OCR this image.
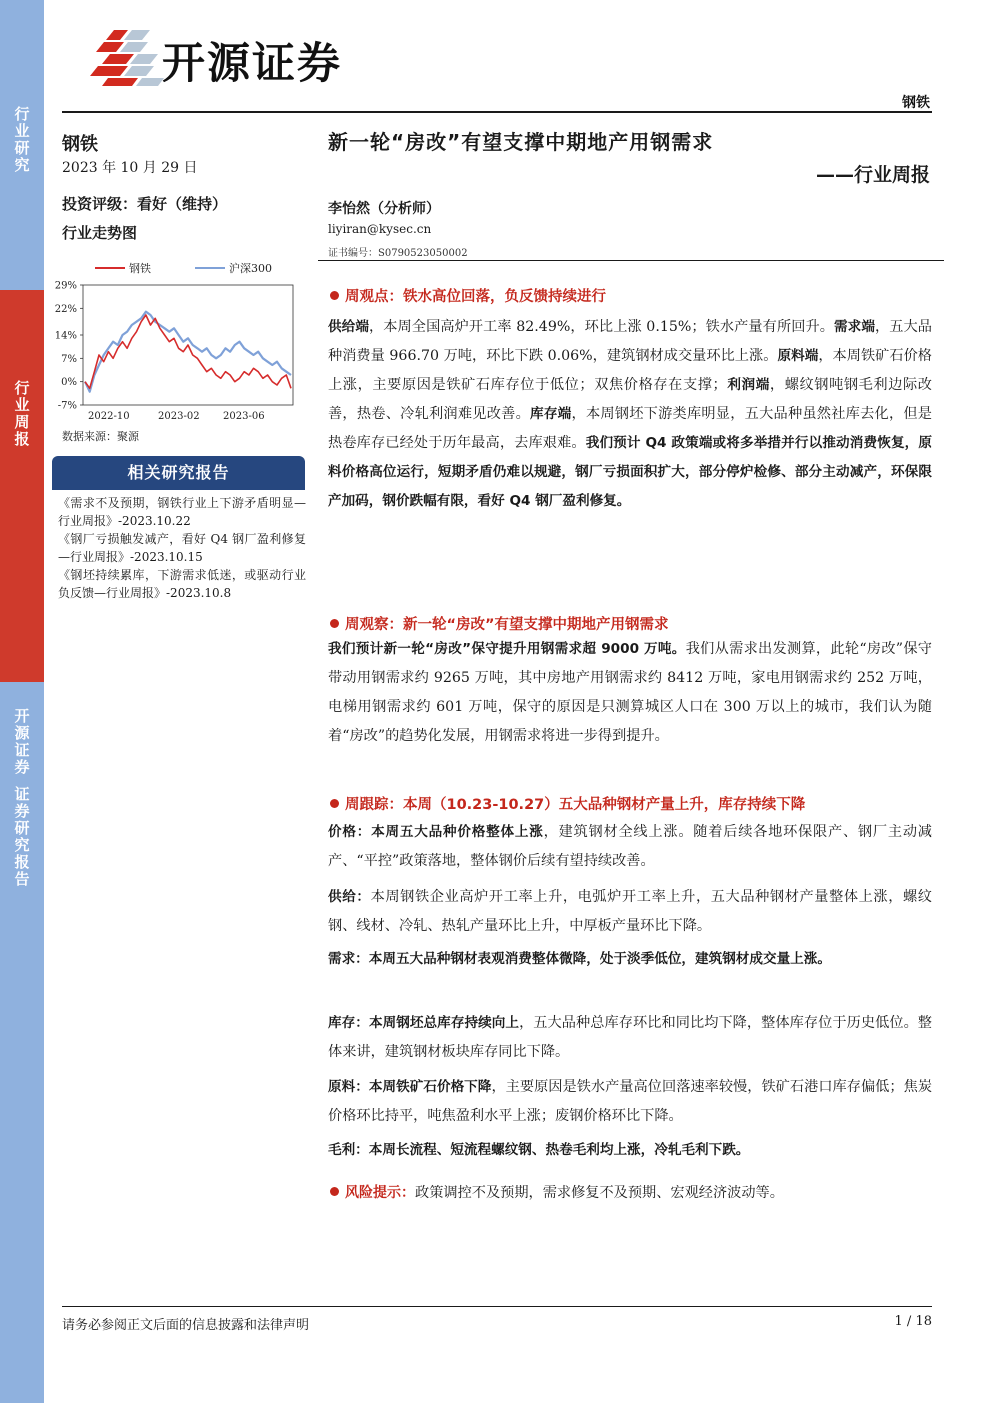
行
业
研
究
行
业
周
报
开
源
证
券
证
券
研
究
报
告
开源证券
钢铁
钢铁
2023 年 10 月 29 日
投资评级：看好（维持）
行业走势图
钢铁	沪深300
29%
22%
14%
7%
0%
-7%
2022-10	2023-02 2023-06
数据来源：聚源
相关研究报告
《需求不及预期，钢铁行业上下游矛盾明显—行业周报》-2023.10.22
《钢厂亏损触发减产，看好 Q4 钢厂盈利修复—行业周报》-2023.10.15
《钢坯持续累库，下游需求低迷，或驱动行业负反馈—行业周报》-2023.10.8
新一轮“房改”有望支撑中期地产用钢需求
——行业周报
李怡然（分析师）
liyiran@kysec.cn
证书编号：S0790523050002
周观点：铁水高位回落，负反馈持续进行
供给端，本周全国高炉开工率 82.49%，环比上涨 0.15%；铁水产量有所回升。需求端，五大品种消费量 966.70 万吨，环比下跌 0.06%，建筑钢材成交量环比上涨。原料端，本周铁矿石价格上涨，主要原因是铁矿石库存位于低位；双焦价格存在支撑；利润端，螺纹钢吨钢毛利边际改善，热卷、冷轧利润难见改善。库存端，本周钢坯下游类库明显，五大品种虽然社库去化，但是热卷库存已经处于历年最高，去库艰难。我们预计 Q4 政策端或将多举措并行以推动消费恢复，原料价格高位运行，短期矛盾仍难以规避，钢厂亏损面积扩大，部分停炉检修、部分主动减产，环保限产加码，钢价跌幅有限，看好 Q4 钢厂盈利修复。
周观察：新一轮“房改”有望支撑中期地产用钢需求
我们预计新一轮“房改”保守提升用钢需求超 9000 万吨。我们从需求出发测算，此轮“房改”保守带动用钢需求约 9265 万吨，其中房地产用钢需求约 8412 万吨，家电用钢需求约 252 万吨，电梯用钢需求约 601 万吨，保守的原因是只测算城区人口在 300 万以上的城市，我们认为随着“房改”的趋势化发展，用钢需求将进一步得到提升。
周跟踪：本周（10.23-10.27）五大品种钢材产量上升，库存持续下降
价格：本周五大品种价格整体上涨，建筑钢材全线上涨。随着后续各地环保限产、钢厂主动减产、“平控”政策落地，整体钢价后续有望持续改善。
供给：本周钢铁企业高炉开工率上升，电弧炉开工率上升，五大品种钢材产量整体上涨，螺纹钢、线材、冷轧、热轧产量环比上升，中厚板产量环比下降。
需求：本周五大品种钢材表观消费整体微降，处于淡季低位，建筑钢材成交量上涨。
库存：本周钢坯总库存持续向上，五大品种总库存环比和同比均下降，整体库存位于历史低位。整体来讲，建筑钢材板块库存同比下降。
原料：本周铁矿石价格下降，主要原因是铁水产量高位回落速率较慢，铁矿石港口库存偏低；焦炭价格环比持平，吨焦盈利水平上涨；废钢价格环比下降。
毛利：本周长流程、短流程螺纹钢、热卷毛利均上涨，冷轧毛利下跌。
风险提示：政策调控不及预期，需求修复不及预期、宏观经济波动等。
请务必参阅正文后面的信息披露和法律声明	1 / 18
